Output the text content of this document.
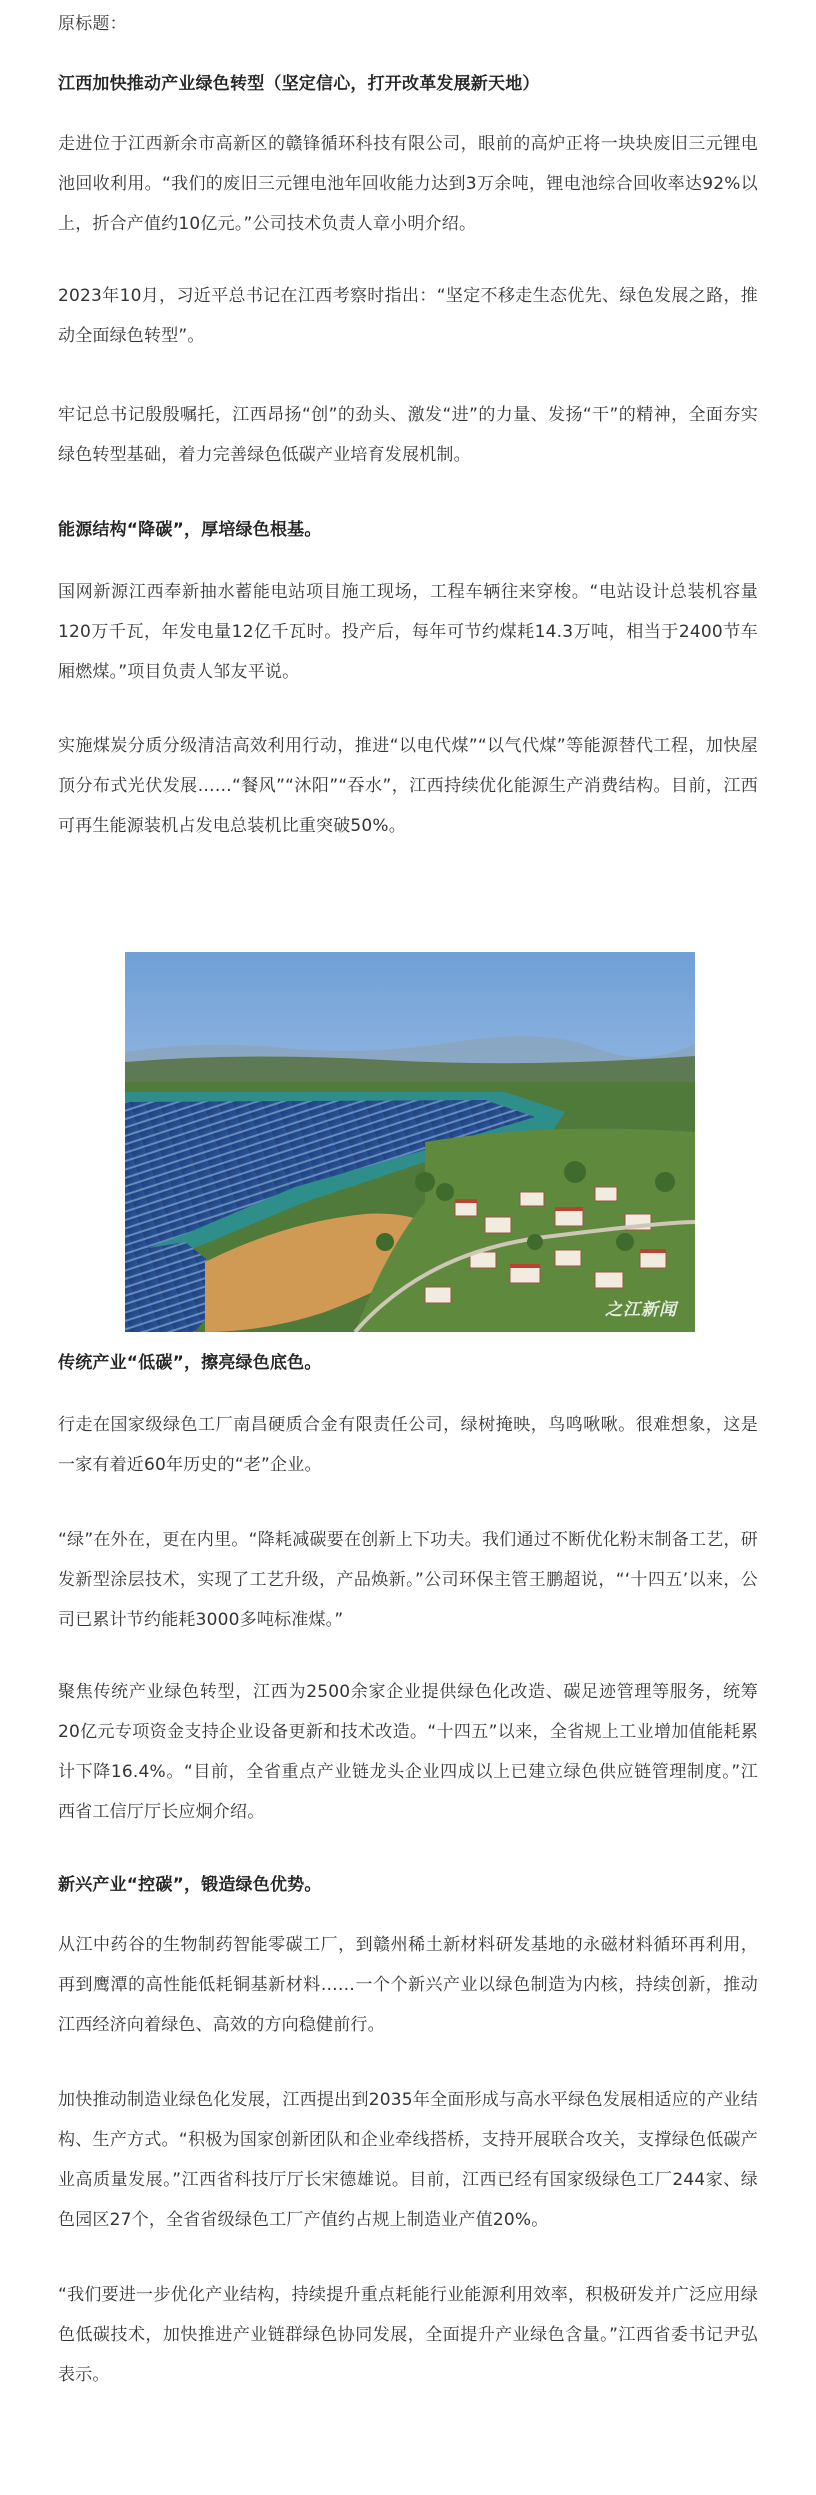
原标题：

江西加快推动产业绿色转型（坚定信心，打开改革发展新天地）

走进位于江西新余市高新区的赣锋循环科技有限公司，眼前的高炉正将一块块废旧三元锂电池回收利用。“我们的废旧三元锂电池年回收能力达到3万余吨，锂电池综合回收率达92%以上，折合产值约10亿元。”公司技术负责人章小明介绍。

2023年10月，习近平总书记在江西考察时指出：“坚定不移走生态优先、绿色发展之路，推动全面绿色转型”。

牢记总书记殷殷嘱托，江西昂扬“创”的劲头、激发“进”的力量、发扬“干”的精神，全面夯实绿色转型基础，着力完善绿色低碳产业培育发展机制。

能源结构“降碳”，厚培绿色根基。

国网新源江西奉新抽水蓄能电站项目施工现场，工程车辆往来穿梭。“电站设计总装机容量120万千瓦，年发电量12亿千瓦时。投产后，每年可节约煤耗14.3万吨，相当于2400节车厢燃煤。”项目负责人邹友平说。

实施煤炭分质分级清洁高效利用行动，推进“以电代煤”“以气代煤”等能源替代工程，加快屋顶分布式光伏发展……“餐风”“沐阳”“吞水”，江西持续优化能源生产消费结构。目前，江西可再生能源装机占发电总装机比重突破50%。

传统产业“低碳”，擦亮绿色底色。

行走在国家级绿色工厂南昌硬质合金有限责任公司，绿树掩映，鸟鸣啾啾。很难想象，这是一家有着近60年历史的“老”企业。

“绿”在外在，更在内里。“降耗减碳要在创新上下功夫。我们通过不断优化粉末制备工艺，研发新型涂层技术，实现了工艺升级，产品焕新。”公司环保主管王鹏超说，“‘十四五’以来，公司已累计节约能耗3000多吨标准煤。”

聚焦传统产业绿色转型，江西为2500余家企业提供绿色化改造、碳足迹管理等服务，统筹20亿元专项资金支持企业设备更新和技术改造。“十四五”以来，全省规上工业增加值能耗累计下降16.4%。“目前，全省重点产业链龙头企业四成以上已建立绿色供应链管理制度。”江西省工信厅厅长应炯介绍。

新兴产业“控碳”，锻造绿色优势。

从江中药谷的生物制药智能零碳工厂，到赣州稀土新材料研发基地的永磁材料循环再利用，再到鹰潭的高性能低耗铜基新材料……一个个新兴产业以绿色制造为内核，持续创新，推动江西经济向着绿色、高效的方向稳健前行。

加快推动制造业绿色化发展，江西提出到2035年全面形成与高水平绿色发展相适应的产业结构、生产方式。“积极为国家创新团队和企业牵线搭桥，支持开展联合攻关，支撑绿色低碳产业高质量发展。”江西省科技厅厅长宋德雄说。目前，江西已经有国家级绿色工厂244家、绿色园区27个，全省省级绿色工厂产值约占规上制造业产值20%。

“我们要进一步优化产业结构，持续提升重点耗能行业能源利用效率，积极研发并广泛应用绿色低碳技术，加快推进产业链群绿色协同发展，全面提升产业绿色含量。”江西省委书记尹弘表示。

之江新闻
